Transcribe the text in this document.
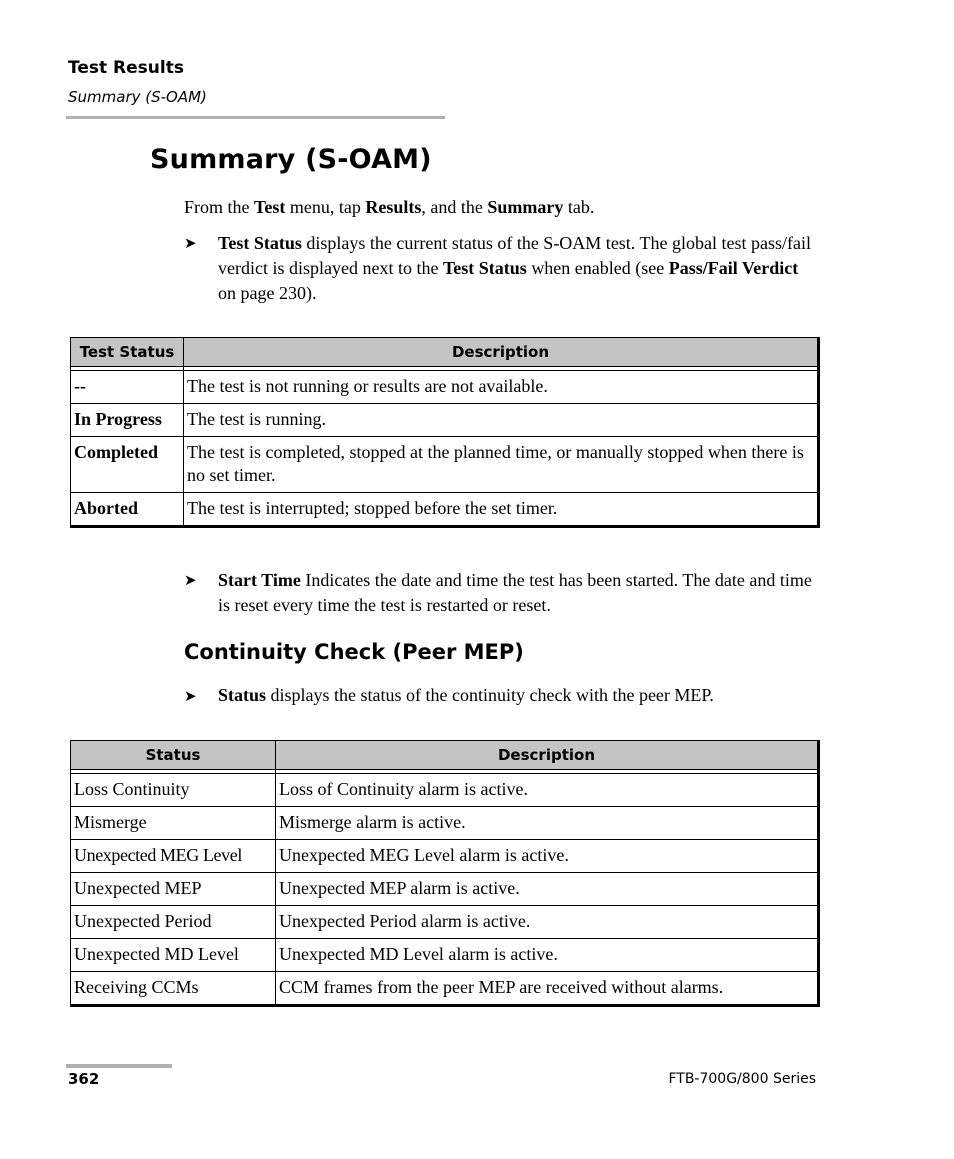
Test Results
Summary (S-OAM)
Summary (S-OAM)
From the Test menu, tap Results, and the Summary tab.
➤ Test Status displays the current status of the S-OAM test. The global test pass/fail verdict is displayed next to the Test Status when enabled (see Pass/Fail Verdict on page 230).
Test Status	Description

--	The test is not running or results are not available.
In Progress	The test is running.
Completed	The test is completed, stopped at the planned time, or manually stopped when there is no set timer.
Aborted	The test is interrupted; stopped before the set timer.
➤ Start Time Indicates the date and time the test has been started. The date and time is reset every time the test is restarted or reset.
Continuity Check (Peer MEP)
➤ Status displays the status of the continuity check with the peer MEP.
Status	Description

Loss Continuity	Loss of Continuity alarm is active.
Mismerge	Mismerge alarm is active.
Unexpected MEG Level	Unexpected MEG Level alarm is active.
Unexpected MEP	Unexpected MEP alarm is active.
Unexpected Period	Unexpected Period alarm is active.
Unexpected MD Level	Unexpected MD Level alarm is active.
Receiving CCMs	CCM frames from the peer MEP are received without alarms.
362	FTB-700G/800 Series
